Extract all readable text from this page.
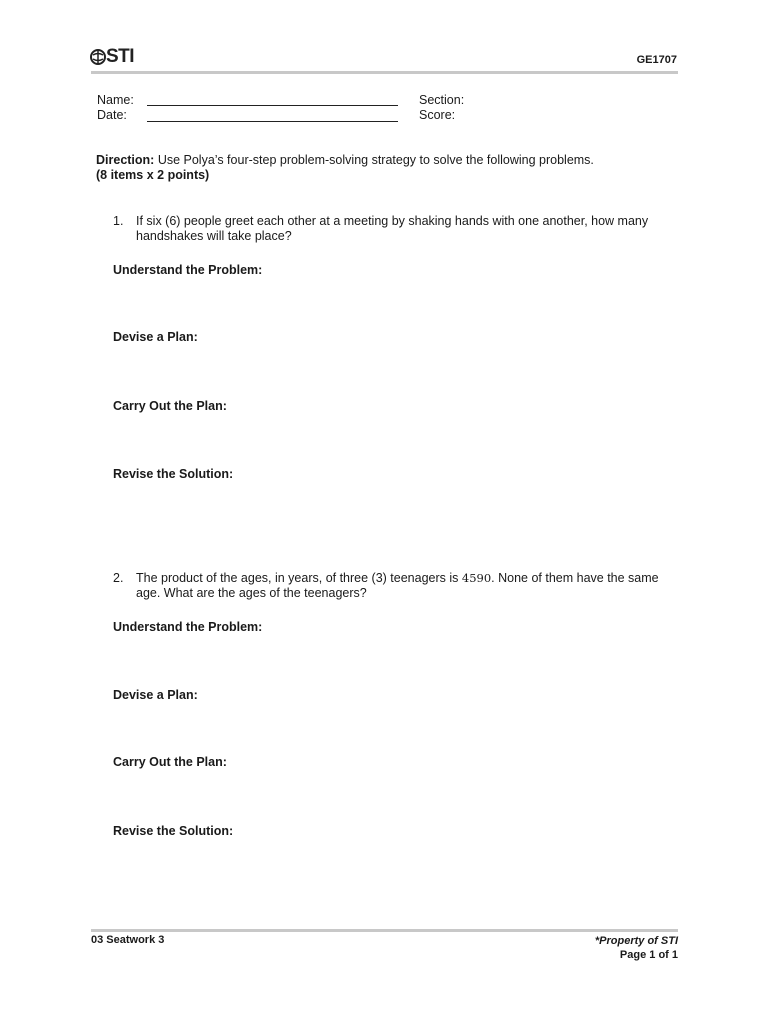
STI	GE1707
Name:
Date:
Section:
Score:
Direction: Use Polya’s four-step problem-solving strategy to solve the following problems.
(8 items x 2 points)
1.	If six (6) people greet each other at a meeting by shaking hands with one another, how many handshakes will take place?
Understand the Problem:
Devise a Plan:
Carry Out the Plan:
Revise the Solution:
2.	The product of the ages, in years, of three (3) teenagers is 4590. None of them have the same age. What are the ages of the teenagers?
Understand the Problem:
Devise a Plan:
Carry Out the Plan:
Revise the Solution:
03 Seatwork 3	*Property of STI
Page 1 of 1
